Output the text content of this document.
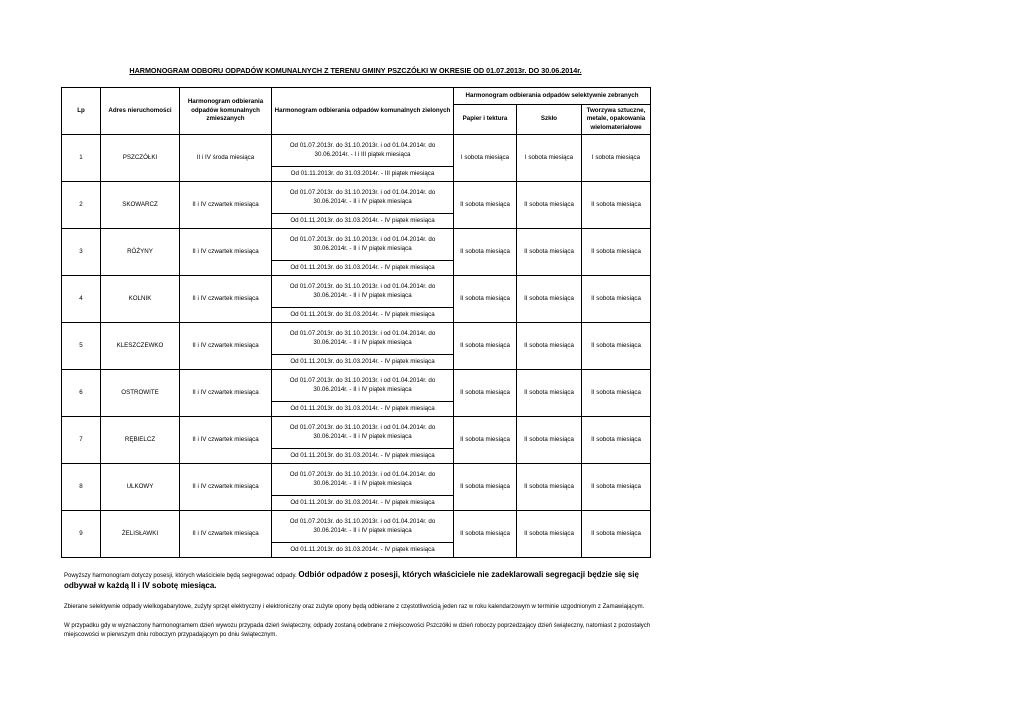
HARMONOGRAM ODBORU ODPADÓW KOMUNALNYCH Z TERENU GMINY PSZCZÓŁKI W OKRESIE OD 01.07.2013r. DO 30.06.2014r.
Lp	Adres nieruchomości	Harmonogram odbierania odpadów komunalnych zmieszanych	Harmonogram odbierania odpadów komunalnych zielonych	Harmonogram odbierania odpadów selektywnie zebranych		
				Papier i tektura	Szkło	Tworzywa sztuczne, metale, opakowania wielomateriałowe
1	PSZCZÓŁKI	II i IV środa miesiąca	Od 01.07.2013r. do 31.10.2013r. i od 01.04.2014r. do 30.06.2014r. - I i III piątek miesiąca	I sobota miesiąca	I sobota miesiąca	I sobota miesiąca
			Od 01.11.2013r. do 31.03.2014r. - III piątek miesiąca			
2	SKOWARCZ	II i IV czwartek miesiąca	Od 01.07.2013r. do 31.10.2013r. i od 01.04.2014r. do 30.06.2014r. - II i IV piątek miesiąca	II sobota miesiąca	II sobota miesiąca	II sobota miesiąca
			Od 01.11.2013r. do 31.03.2014r. - IV piątek miesiąca			
3	RÓŻYNY	II i IV czwartek miesiąca	Od 01.07.2013r. do 31.10.2013r. i od 01.04.2014r. do 30.06.2014r. - II i IV piątek miesiąca	II sobota miesiąca	II sobota miesiąca	II sobota miesiąca
			Od 01.11.2013r. do 31.03.2014r. - IV piątek miesiąca			
4	KOLNIK	II i IV czwartek miesiąca	Od 01.07.2013r. do 31.10.2013r. i od 01.04.2014r. do 30.06.2014r. - II i IV piątek miesiąca	II sobota miesiąca	II sobota miesiąca	II sobota miesiąca
			Od 01.11.2013r. do 31.03.2014r. - IV piątek miesiąca			
5	KLESZCZEWKO	II i IV czwartek miesiąca	Od 01.07.2013r. do 31.10.2013r. i od 01.04.2014r. do 30.06.2014r. - II i IV piątek miesiąca	II sobota miesiąca	II sobota miesiąca	II sobota miesiąca
			Od 01.11.2013r. do 31.03.2014r. - IV piątek miesiąca			
6	OSTROWITE	II i IV czwartek miesiąca	Od 01.07.2013r. do 31.10.2013r. i od 01.04.2014r. do 30.06.2014r. - II i IV piątek miesiąca	II sobota miesiąca	II sobota miesiąca	II sobota miesiąca
			Od 01.11.2013r. do 31.03.2014r. - IV piątek miesiąca			
7	RĘBIELCZ	II i IV czwartek miesiąca	Od 01.07.2013r. do 31.10.2013r. i od 01.04.2014r. do 30.06.2014r. - II i IV piątek miesiąca	II sobota miesiąca	II sobota miesiąca	II sobota miesiąca
			Od 01.11.2013r. do 31.03.2014r. - IV piątek miesiąca			
8	ULKOWY	II i IV czwartek miesiąca	Od 01.07.2013r. do 31.10.2013r. i od 01.04.2014r. do 30.06.2014r. - II i IV piątek miesiąca	II sobota miesiąca	II sobota miesiąca	II sobota miesiąca
			Od 01.11.2013r. do 31.03.2014r. - IV piątek miesiąca			
9	ŻELISŁAWKI	II i IV czwartek miesiąca	Od 01.07.2013r. do 31.10.2013r. i od 01.04.2014r. do 30.06.2014r. - II i IV piątek miesiąca	II sobota miesiąca	II sobota miesiąca	II sobota miesiąca
			Od 01.11.2013r. do 31.03.2014r. - IV piątek miesiąca			

Powyższy harmonogram dotyczy posesji, których właściciele będą segregować odpady. Odbiór odpadów z posesji, których właściciele nie zadeklarowali segregacji będzie się się odbywał w każdą II i IV sobotę miesiąca.

Zbierane selektywnie odpady wielkogabarytowe, zużyty sprzęt elektryczny i elektroniczny oraz zużyte opony będą odbierane z częstotliwością jeden raz w roku kalendarzowym w terminie uzgodnionym z Zamawiającym.

W przypadku gdy w wyznaczony harmonogramem dzień wywozu przypada dzień świąteczny, odpady zostaną odebrane z miejscowości Pszczółki w dzień roboczy poprzedzający dzień świąteczny, natomiast z pozostałych miejscowości w pierwszym dniu roboczym przypadającym po dniu świątecznym.
